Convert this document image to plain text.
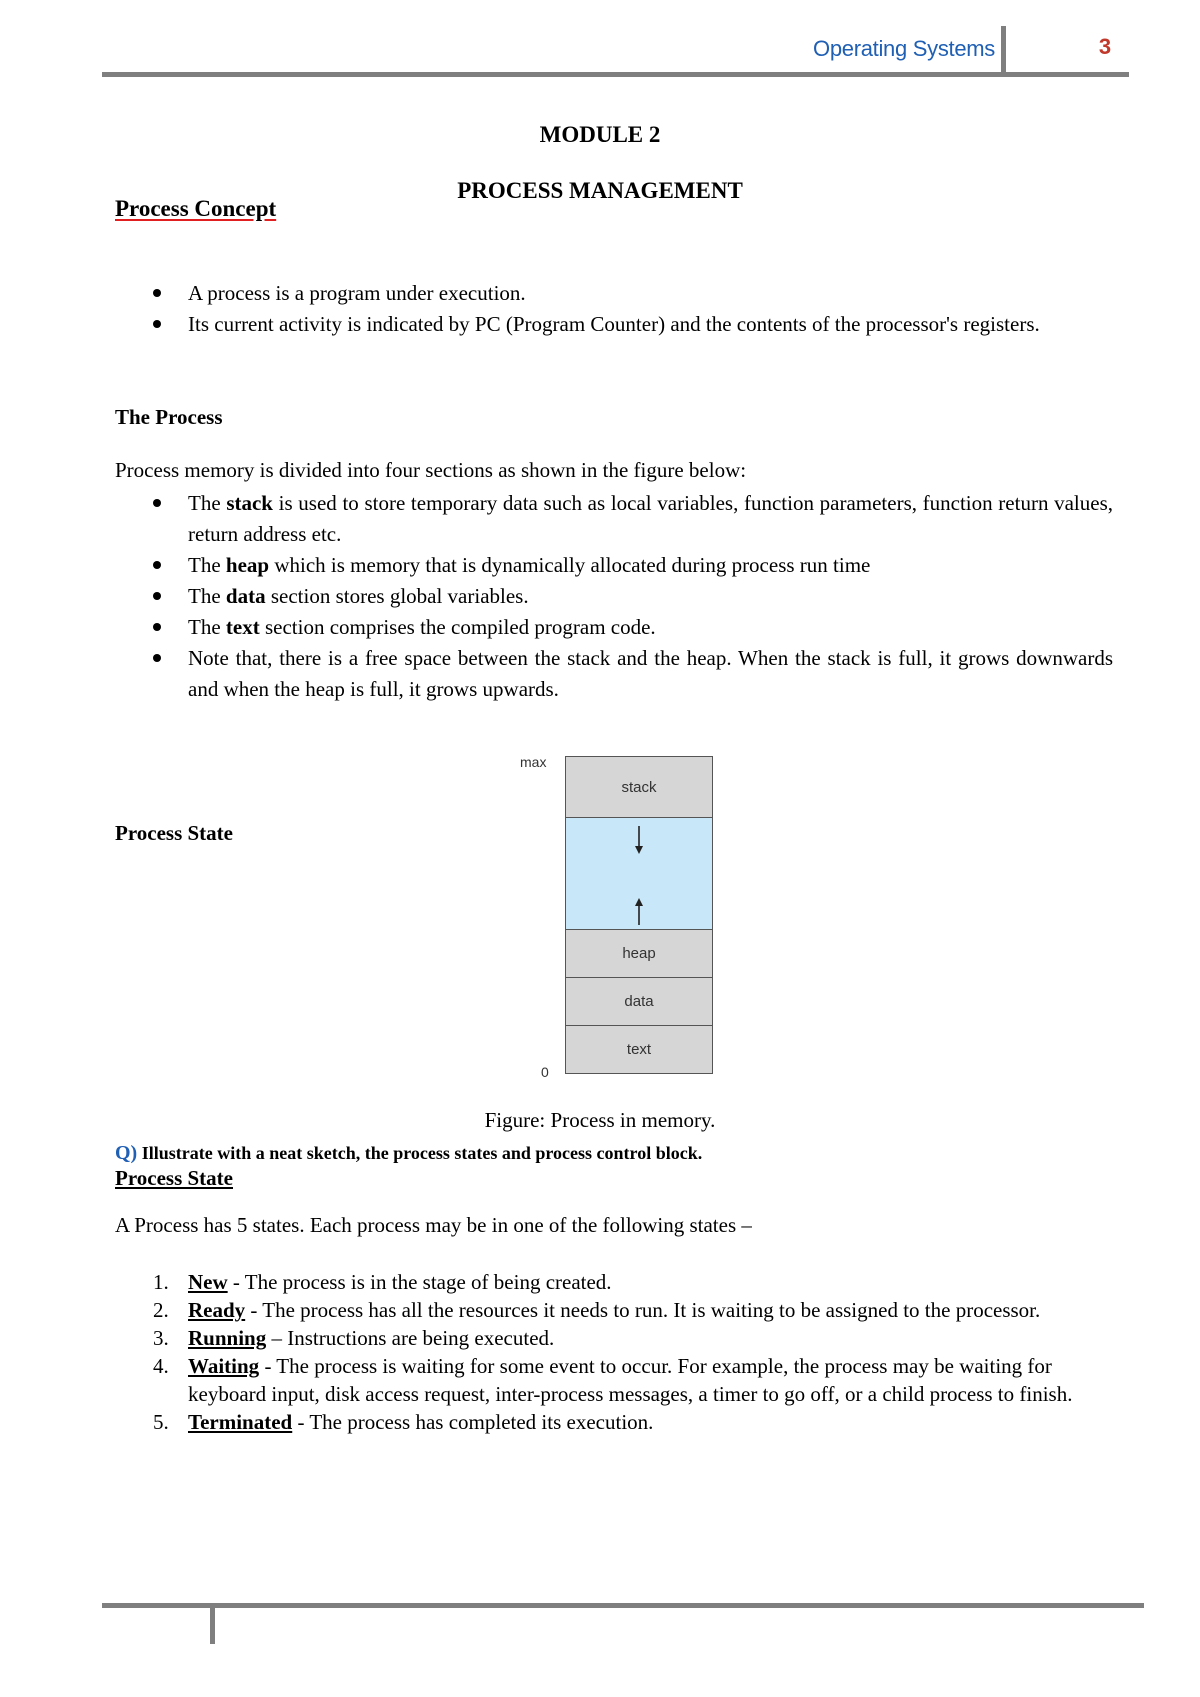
Operating Systems	3
MODULE 2
PROCESS MANAGEMENT
Process Concept
A process is a program under execution.
Its current activity is indicated by PC (Program Counter) and the contents of the processor's registers.
The Process
Process memory is divided into four sections as shown in the figure below:
The stack is used to store temporary data such as local variables, function parameters, function return values, return address etc.
The heap which is memory that is dynamically allocated during process run time
The data section stores global variables.
The text section comprises the compiled program code.
Note that, there is a free space between the stack and the heap. When the stack is full, it grows downwards and when the heap is full, it grows upwards.
Process State
max
stack
heap
data
text
0
Figure: Process in memory.
Q) Illustrate with a neat sketch, the process states and process control block.
Process State
A Process has 5 states. Each process may be in one of the following states –
1. New - The process is in the stage of being created.
2. Ready - The process has all the resources it needs to run. It is waiting to be assigned to the processor.
3. Running – Instructions are being executed.
4. Waiting - The process is waiting for some event to occur. For example, the process may be waiting for keyboard input, disk access request, inter-process messages, a timer to go off, or a child process to finish.
5. Terminated - The process has completed its execution.
